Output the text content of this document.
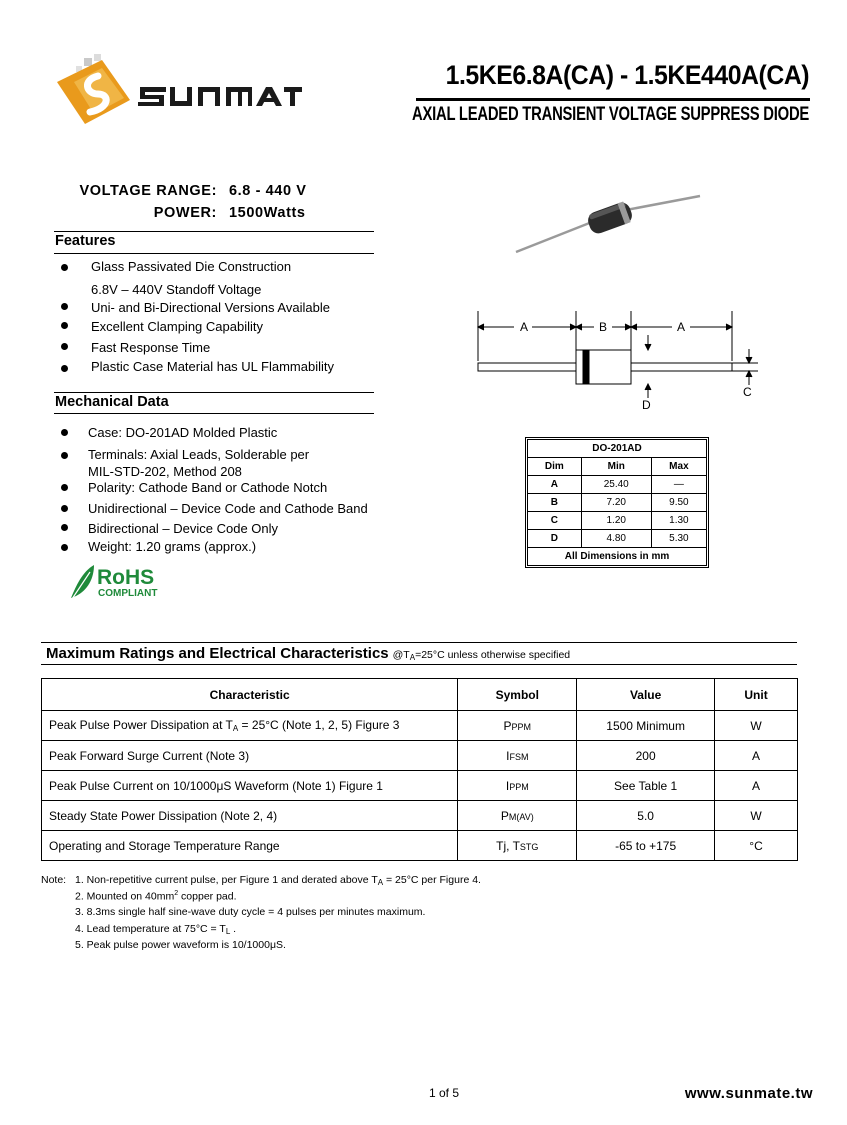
1.5KE6.8A(CA) - 1.5KE440A(CA)
AXIAL LEADED TRANSIENT VOLTAGE SUPPRESS DIODE
VOLTAGE RANGE: 6.8 - 440 V
POWER: 1500Watts
Features
Glass Passivated Die Construction
6.8V – 440V Standoff Voltage
Uni- and Bi-Directional Versions Available
Excellent Clamping Capability
Fast Response Time
Plastic Case Material has UL Flammability
Mechanical Data
Case: DO-201AD Molded Plastic
Terminals: Axial Leads, Solderable per
MIL-STD-202, Method 208
Polarity: Cathode Band or Cathode Notch
Unidirectional – Device Code and Cathode Band
Bidirectional – Device Code Only
Weight: 1.20 grams (approx.)
RoHS
COMPLIANT
A	B	A
C
D
DO-201AD		
Dim	Min	Max
A	25.40	—
B	7.20	9.50
C	1.20	1.30
D	4.80	5.30
All Dimensions in mm		
Maximum Ratings and Electrical Characteristics $@T_A=25^\circ C$ unless otherwise specified
Characteristic	Symbol	Value	Unit
Peak Pulse Power Dissipation at $T_A = 25^\circ C$ (Note 1, 2, 5) Figure 3	PPPM	1500 Minimum	W
Peak Forward Surge Current (Note 3)	IFSM	200	A
Peak Pulse Current on 10/1000μS Waveform (Note 1) Figure 1	IPPM	See Table 1	A
Steady State Power Dissipation (Note 2, 4)	PM(AV)	5.0	W
Operating and Storage Temperature Range	Tj, TSTG	-65 to +175	°C
Note: 1. Non-repetitive current pulse, per Figure 1 and derated above $T_A = 25^\circ C$ per Figure 4.
2. Mounted on $40mm^2$ copper pad.
3. 8.3ms single half sine-wave duty cycle = 4 pulses per minutes maximum.
4. Lead temperature at $75^\circ C = T_L$ .
5. Peak pulse power waveform is 10/1000μS.
1 of 5	www.sunmate.tw
